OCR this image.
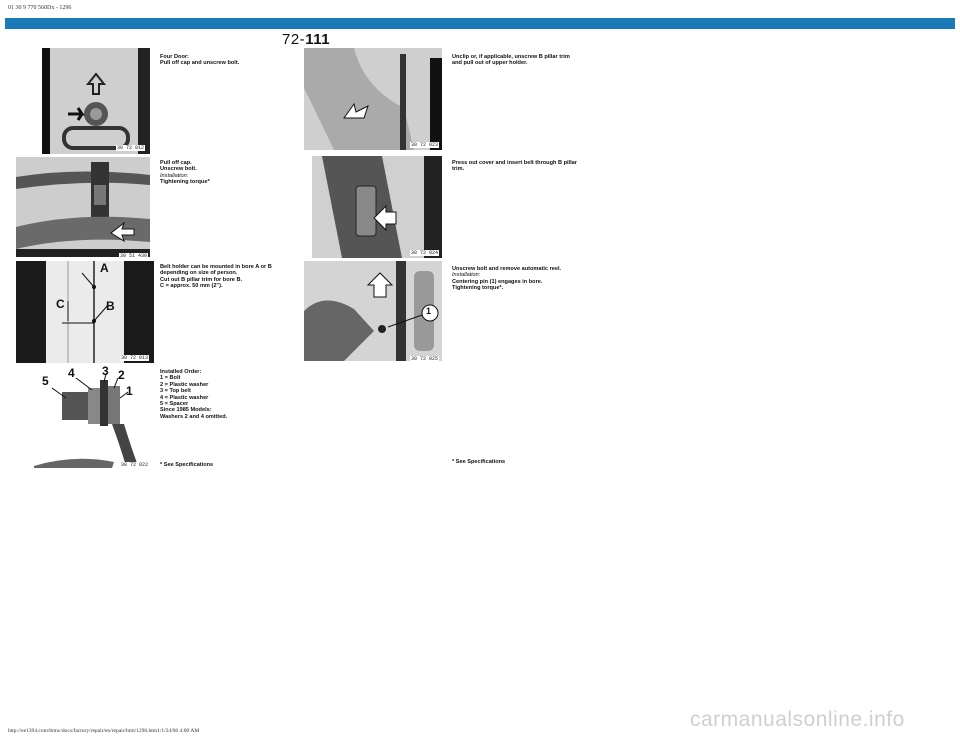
01 30 9 770 560Dx - 1296
72-111
30 72 012
30 51 430
A
B
C
30 72 013
5
4 3 2
1
30 72 022
Four Door:
Pull off cap and unscrew bolt.
Pull off cap.
Unscrew bolt.
Installation:
Tightening torque*
Belt holder can be mounted in bore A or B
depending on size of person.
Cut out B pillar trim for bore B.
C = approx. 50 mm (2").
Installed Order:
1 = Bolt
2 = Plastic washer
3 = Top belt
4 = Plastic washer
5 = Spacer
Since 1985 Models:
Washers 2 and 4 omitted.
* See Specifications
30 72 023
30 72 024
1
30 72 025
Unclip or, if applicable, unscrew B pillar trim
and pull out of upper holder.
Press out cover and insert belt through B pillar
trim.
Unscrew bolt and remove automatic reel.
Installation:
Centering pin (1) engages in bore.
Tightening torque*.
* See Specifications
http://ee1394.com/bmw/docs/factory/repair/en/repair/htm/1296.htm1/1/24/06 4:00 AM	carmanualsonline.info
